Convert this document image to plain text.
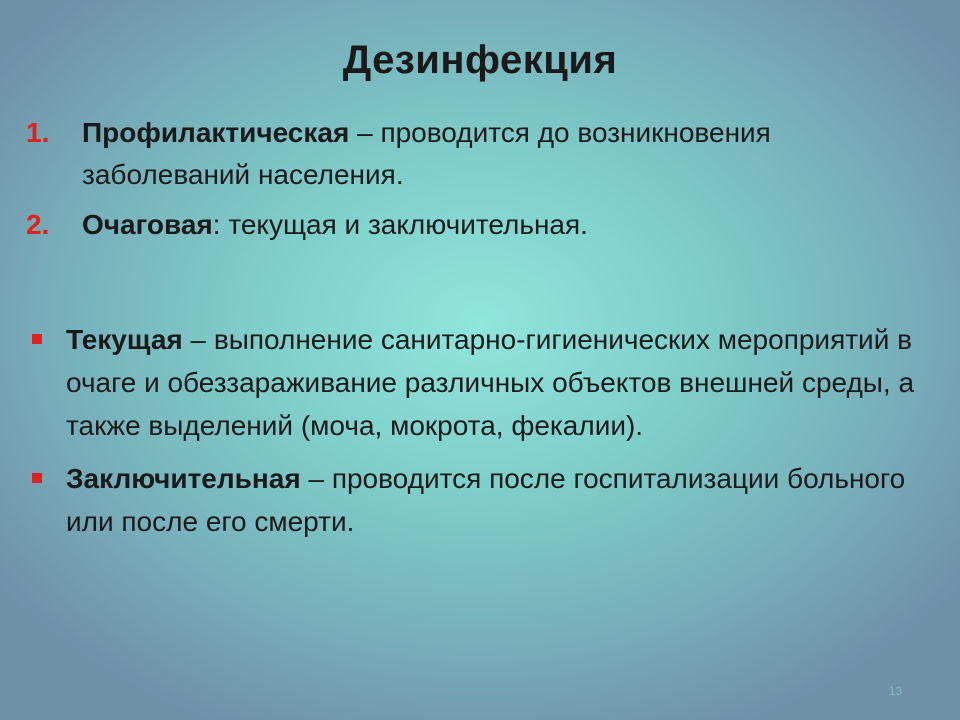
Дезинфекция
1. Профилактическая – проводится до возникновения заболеваний населения.
2. Очаговая: текущая и заключительная.
Текущая – выполнение санитарно-гигиенических мероприятий в очаге и обеззараживание различных объектов внешней среды, а также выделений (моча, мокрота, фекалии).
Заключительная – проводится после госпитализации больного или после его смерти.
13
